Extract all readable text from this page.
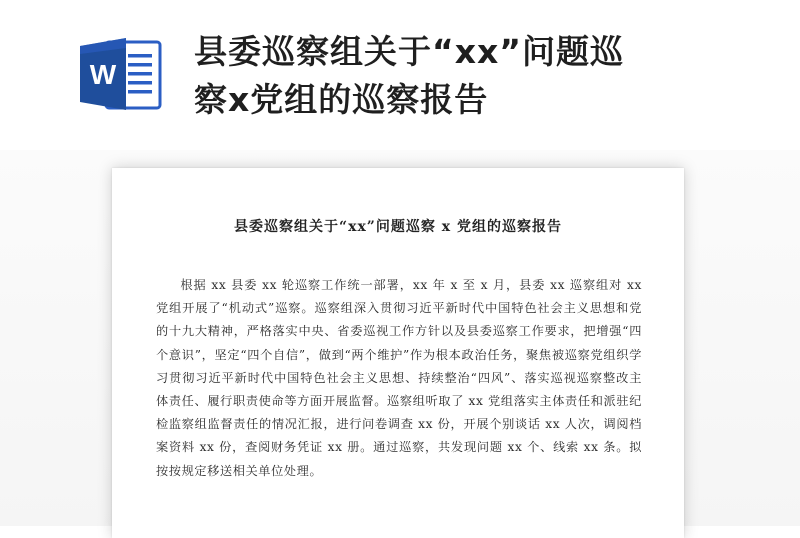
W
县委巡察组关于“xx”问题巡
察x党组的巡察报告
县委巡察组关于“xx”问题巡察 x 党组的巡察报告
根据 xx 县委 xx 轮巡察工作统一部署，xx 年 x 至 x 月，县委 xx 巡察组对 xx 党组开展了“机动式”巡察。巡察组深入贯彻习近平新时代中国特色社会主义思想和党的十九大精神，严格落实中央、省委巡视工作方针以及县委巡察工作要求，把增强“四个意识”，坚定“四个自信”，做到“两个维护”作为根本政治任务，聚焦被巡察党组织学习贯彻习近平新时代中国特色社会主义思想、持续整治“四风”、落实巡视巡察整改主体责任、履行职责使命等方面开展监督。巡察组听取了 xx 党组落实主体责任和派驻纪检监察组监督责任的情况汇报，进行问卷调查 xx 份，开展个别谈话 xx 人次，调阅档案资料 xx 份，查阅财务凭证 xx 册。通过巡察，共发现问题 xx 个、线索 xx 条。拟按按规定移送相关单位处理。
